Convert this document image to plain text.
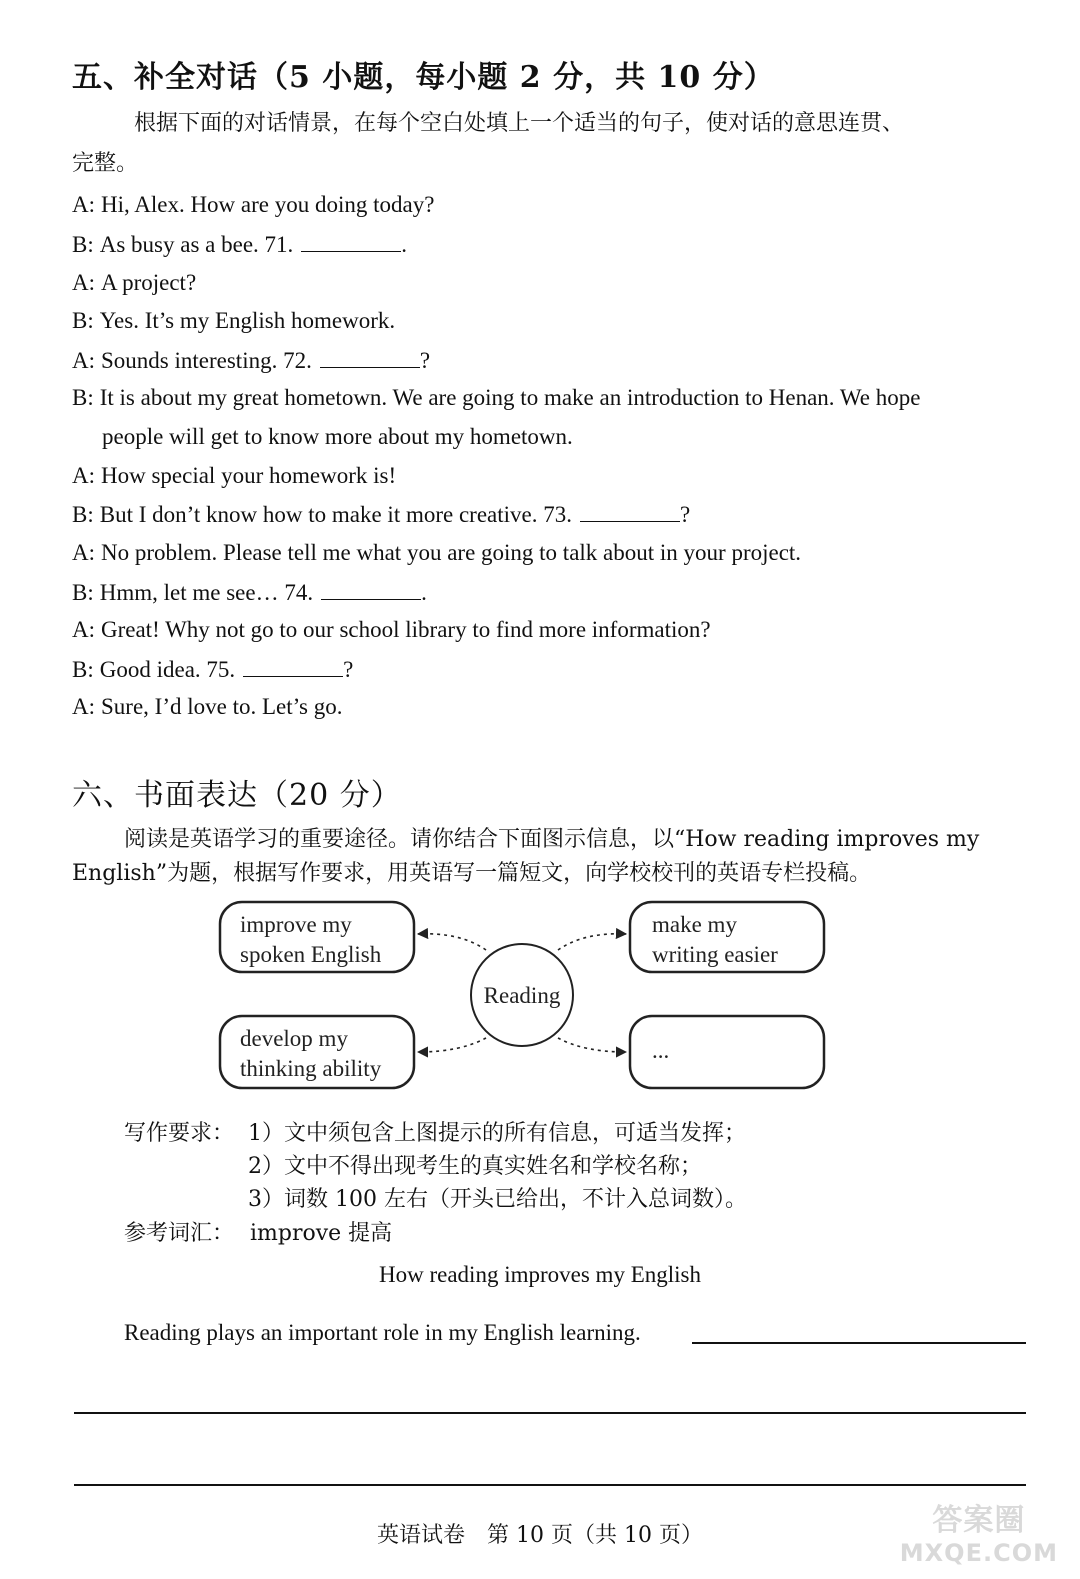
五、补全对话（5 小题，每小题 2 分，共 10 分）
根据下面的对话情景，在每个空白处填上一个适当的句子，使对话的意思连贯、
完整。
A: Hi, Alex. How are you doing today?
B: As busy as a bee. 71.	.
A: A project?
B: Yes. It’s my English homework.
A: Sounds interesting. 72.	?
B: It is about my great hometown. We are going to make an introduction to Henan. We hope
people will get to know more about my hometown.
A: How special your homework is!
B: But I don’t know how to make it more creative. 73.	?
A: No problem. Please tell me what you are going to talk about in your project.
B: Hmm, let me see… 74.	.
A: Great! Why not go to our school library to find more information?
B: Good idea. 75.	?
A: Sure, I’d love to. Let’s go.
六、书面表达（20 分）
阅读是英语学习的重要途径。请你结合下面图示信息，以“How reading improves my
English”为题，根据写作要求，用英语写一篇短文，向学校校刊的英语专栏投稿。
improve my
spoken English
make my
writing easier
develop my
thinking ability
...
Reading
写作要求： 1）文中须包含上图提示的所有信息，可适当发挥；
2）文中不得出现考生的真实姓名和学校名称；
3）词数 100 左右（开头已给出，不计入总词数）。
参考词汇： improve 提高
How reading improves my English
Reading plays an important role in my English learning.
英语试卷　第 10 页（共 10 页）	答案圈
MXQE.COM
